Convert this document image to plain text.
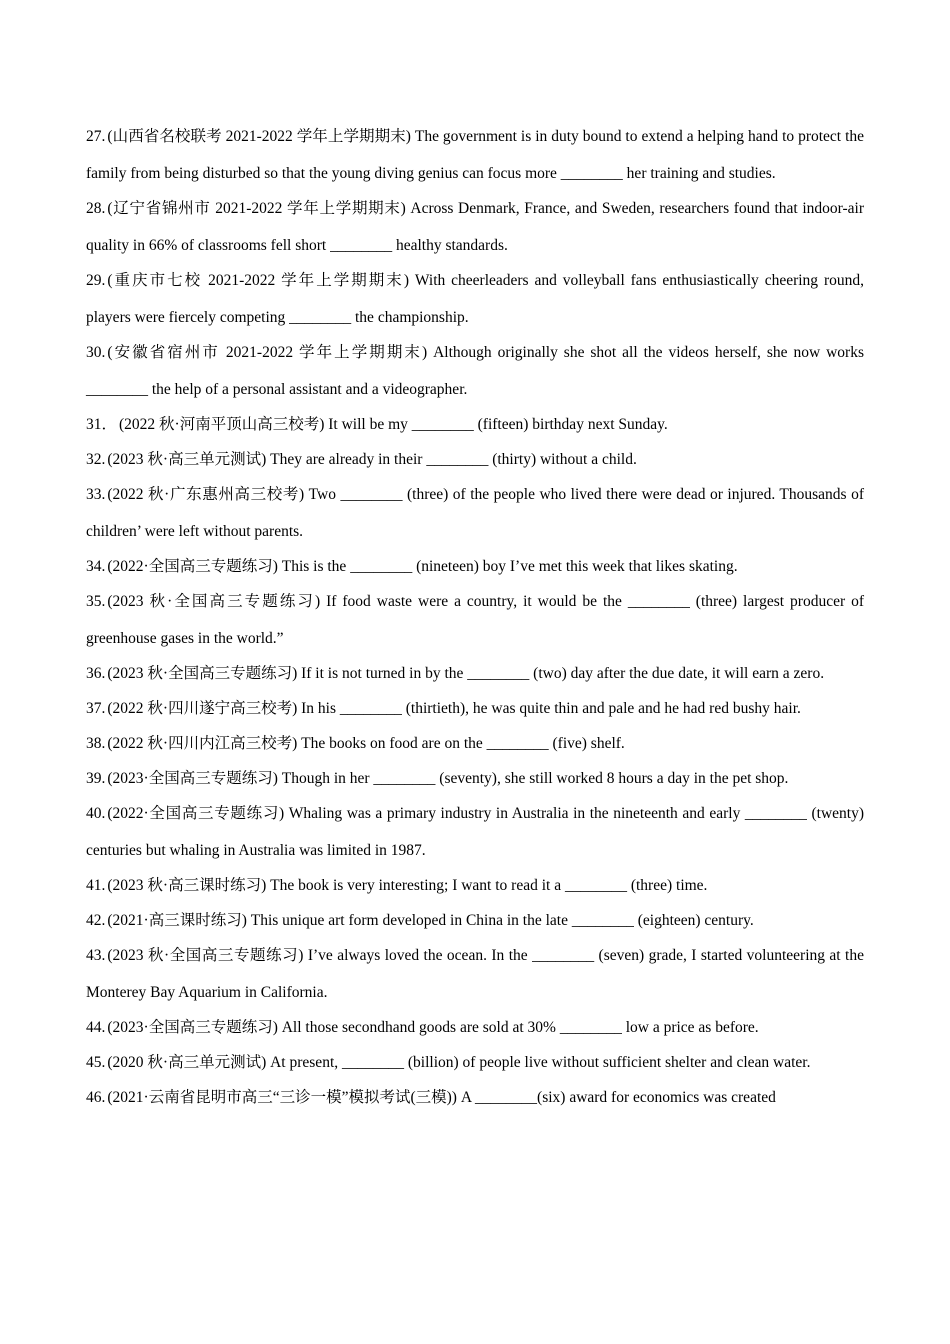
27. (山西省名校联考 2021-2022 学年上学期期末) The government is in duty bound to extend a helping hand to protect the family from being disturbed so that the young diving genius can focus more ________ her training and studies.

28. (辽宁省锦州市 2021-2022 学年上学期期末) Across Denmark, France, and Sweden, researchers found that indoor-air quality in 66% of classrooms fell short ________ healthy standards.

29. (重庆市七校 2021-2022 学年上学期期末) With cheerleaders and volleyball fans enthusiastically cheering round, players were fiercely competing ________ the championship.

30. (安徽省宿州市 2021-2022 学年上学期期末) Although originally she shot all the videos herself, she now works ________ the help of a personal assistant and a videographer.

31． (2022 秋·河南平顶山高三校考) It will be my ________ (fifteen) birthday next Sunday.

32. (2023 秋·高三单元测试) They are already in their ________ (thirty) without a child.

33. (2022 秋·广东惠州高三校考) Two ________ (three) of the people who lived there were dead or injured. Thousands of children’ were left without parents.

34. (2022·全国高三专题练习) This is the ________ (nineteen) boy I’ve met this week that likes skating.

35. (2023 秋·全国高三专题练习) If food waste were a country, it would be the ________ (three) largest producer of greenhouse gases in the world.”

36. (2023 秋·全国高三专题练习) If it is not turned in by the ________ (two) day after the due date, it will earn a zero.

37. (2022 秋·四川遂宁高三校考) In his ________ (thirtieth), he was quite thin and pale and he had red bushy hair.

38. (2022 秋·四川内江高三校考) The books on food are on the ________ (five) shelf.

39. (2023·全国高三专题练习) Though in her ________ (seventy), she still worked 8 hours a day in the pet shop.

40. (2022·全国高三专题练习) Whaling was a primary industry in Australia in the nineteenth and early ________ (twenty) centuries but whaling in Australia was limited in 1987.

41. (2023 秋·高三课时练习) The book is very interesting; I want to read it a ________ (three) time.

42. (2021·高三课时练习) This unique art form developed in China in the late ________ (eighteen) century.

43. (2023 秋·全国高三专题练习) I’ve always loved the ocean. In the ________ (seven) grade, I started volunteering at the Monterey Bay Aquarium in California.

44. (2023·全国高三专题练习) All those secondhand goods are sold at 30% ________ low a price as before.

45. (2020 秋·高三单元测试) At present, ________ (billion) of people live without sufficient shelter and clean water.

46. (2021·云南省昆明市高三“三诊一模”模拟考试(三模)) A ________(six) award for economics was created
